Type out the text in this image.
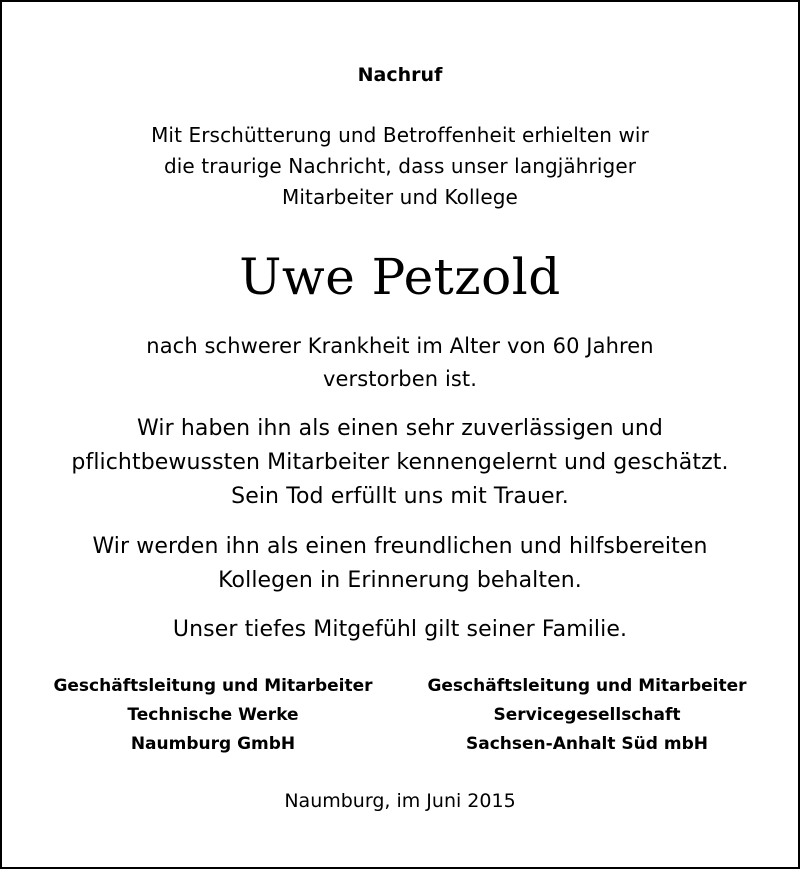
Nachruf
Mit Erschütterung und Betroffenheit erhielten wir
die traurige Nachricht, dass unser langjähriger
Mitarbeiter und Kollege
Uwe Petzold
nach schwerer Krankheit im Alter von 60 Jahren
verstorben ist.
Wir haben ihn als einen sehr zuverlässigen und
pflichtbewussten Mitarbeiter kennengelernt und geschätzt.
Sein Tod erfüllt uns mit Trauer.
Wir werden ihn als einen freundlichen und hilfsbereiten
Kollegen in Erinnerung behalten.
Unser tiefes Mitgefühl gilt seiner Familie.
Geschäftsleitung und Mitarbeiter
Technische Werke
Naumburg GmbH
Geschäftsleitung und Mitarbeiter
Servicegesellschaft
Sachsen-Anhalt Süd mbH
Naumburg, im Juni 2015
